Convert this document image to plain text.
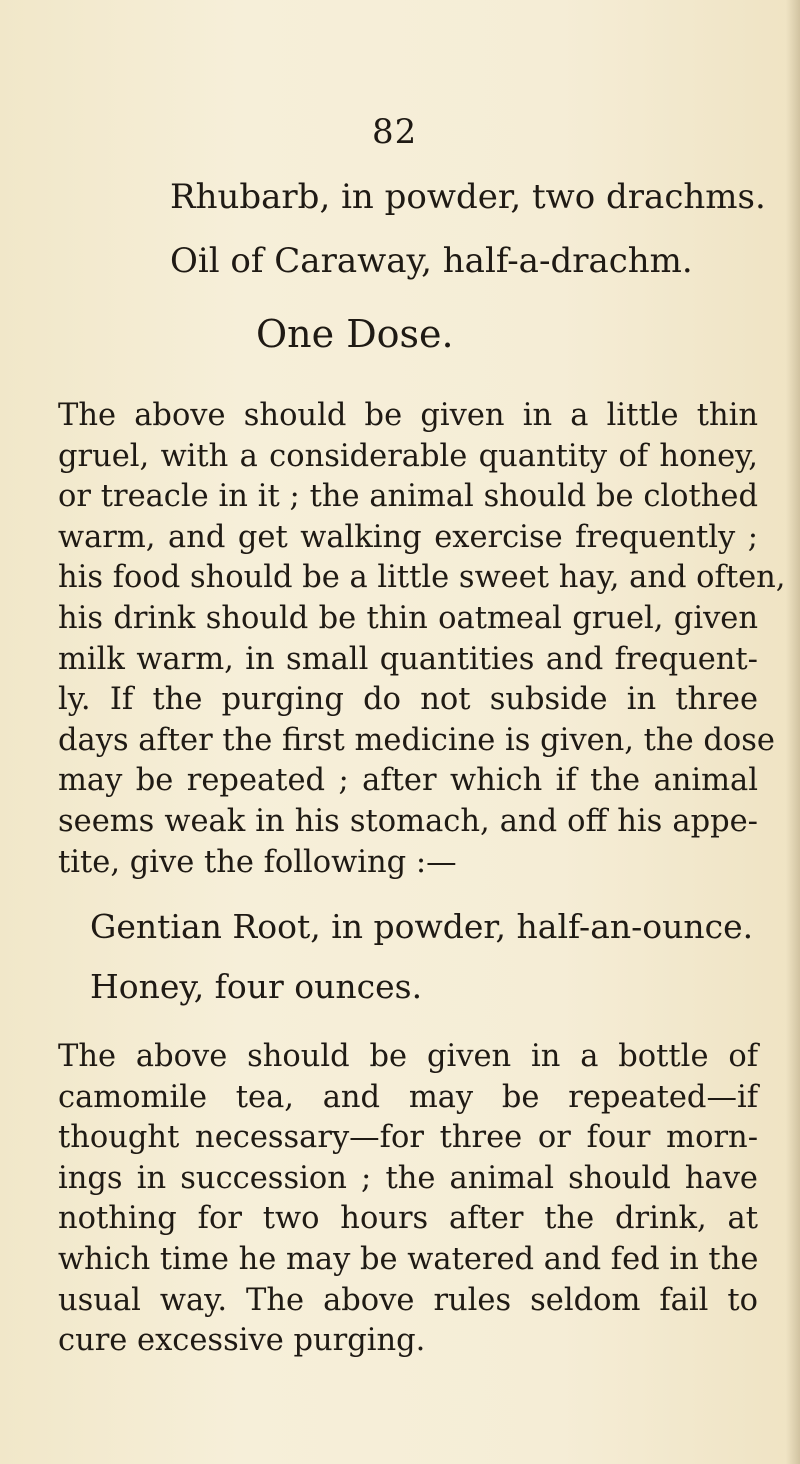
82
Rhubarb, in powder, two drachms.
Oil of Caraway, half-a-drachm.
One Dose.
The above should be given in a little thin
gruel, with a considerable quantity of honey,
or treacle in it ; the animal should be clothed
warm, and get walking exercise frequently ;
his food should be a little sweet hay, and often,
his drink should be thin oatmeal gruel, given
milk warm, in small quantities and frequent-
ly. If the purging do not subside in three
days after the first medicine is given, the dose
may be repeated ; after which if the animal
seems weak in his stomach, and off his appe-
tite, give the following :—
Gentian Root, in powder, half-an-ounce.
Honey, four ounces.
The above should be given in a bottle of
camomile tea, and may be repeated—if
thought necessary—for three or four morn-
ings in succession ; the animal should have
nothing for two hours after the drink, at
which time he may be watered and fed in the
usual way. The above rules seldom fail to
cure excessive purging.
